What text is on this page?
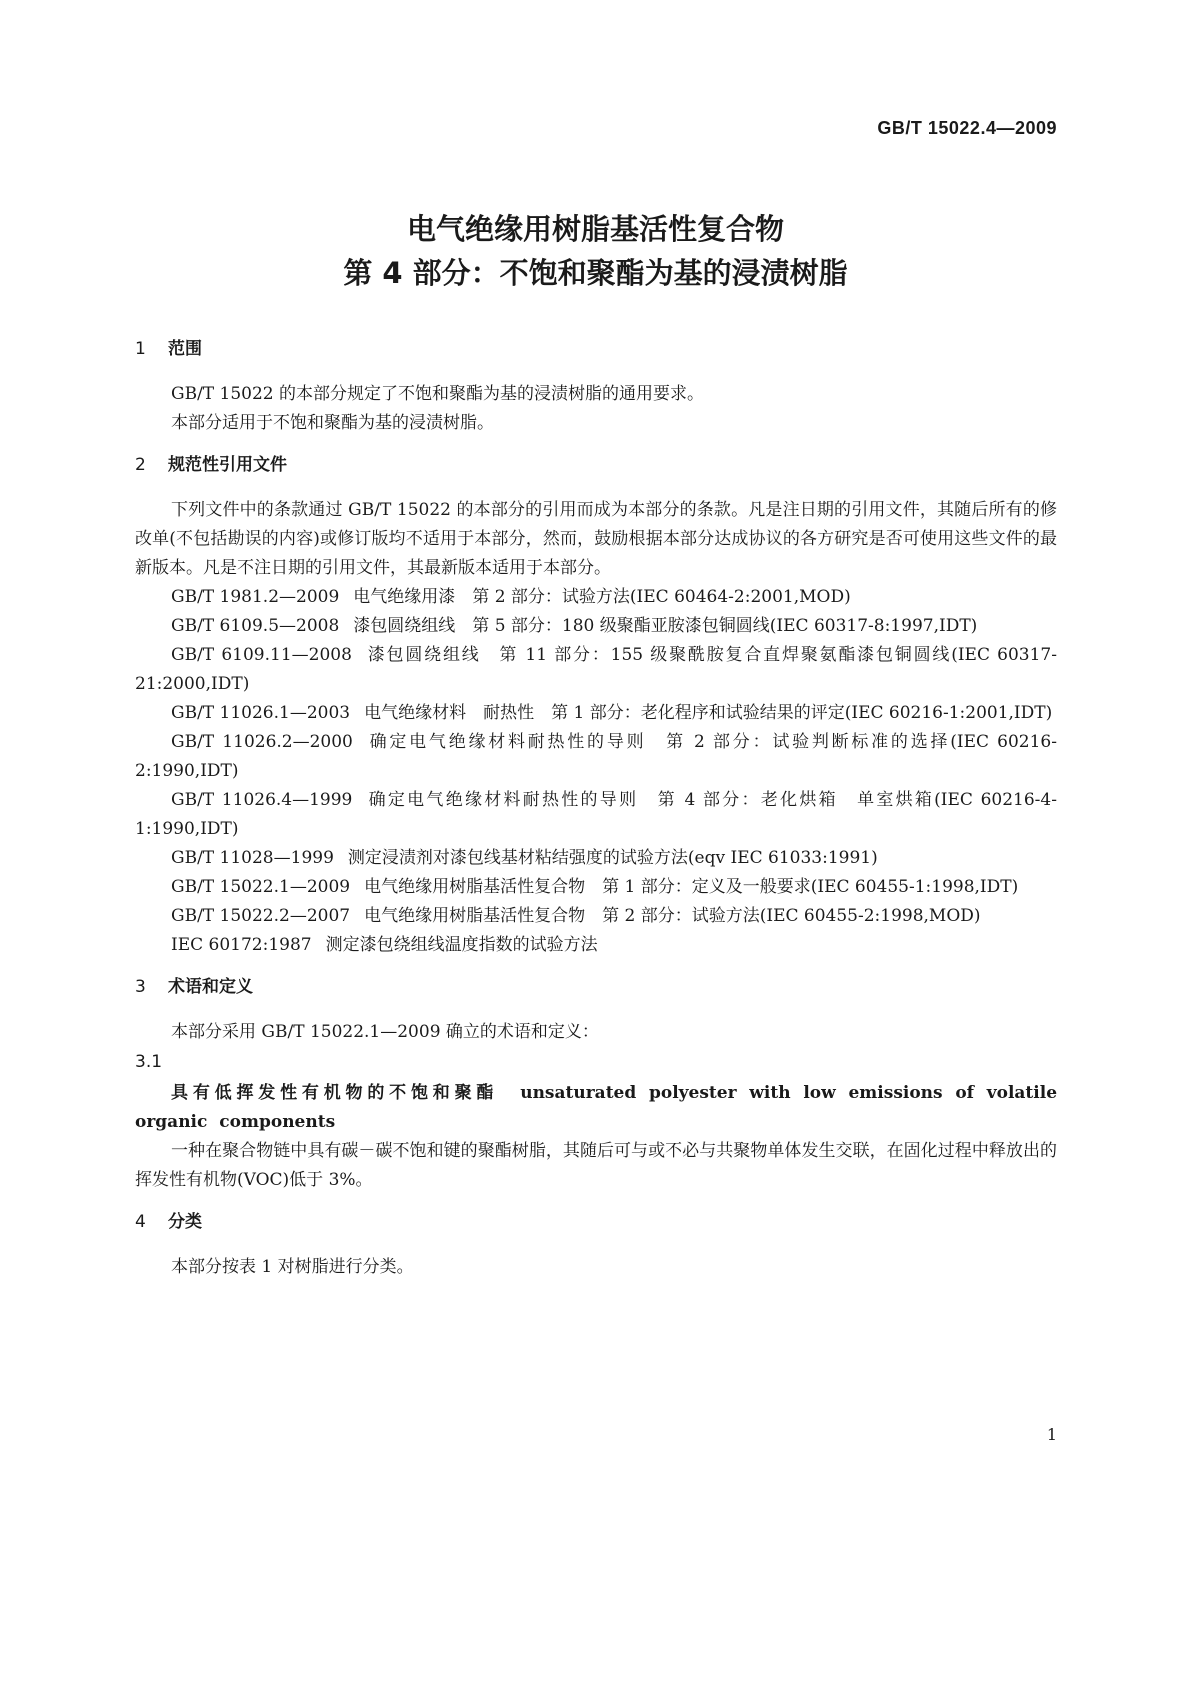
GB/T 15022.4—2009
电气绝缘用树脂基活性复合物
第 4 部分：不饱和聚酯为基的浸渍树脂
1 范围

GB/T 15022 的本部分规定了不饱和聚酯为基的浸渍树脂的通用要求。

本部分适用于不饱和聚酯为基的浸渍树脂。

2 规范性引用文件

下列文件中的条款通过 GB/T 15022 的本部分的引用而成为本部分的条款。凡是注日期的引用文件，其随后所有的修改单(不包括勘误的内容)或修订版均不适用于本部分，然而，鼓励根据本部分达成协议的各方研究是否可使用这些文件的最新版本。凡是不注日期的引用文件，其最新版本适用于本部分。

GB/T 1981.2—2009 电气绝缘用漆　第 2 部分：试验方法(IEC 60464-2:2001,MOD)

GB/T 6109.5—2008 漆包圆绕组线　第 5 部分：180 级聚酯亚胺漆包铜圆线(IEC 60317-8:1997,IDT)

GB/T 6109.11—2008 漆包圆绕组线　第 11 部分：155 级聚酰胺复合直焊聚氨酯漆包铜圆线(IEC 60317-21:2000,IDT)

GB/T 11026.1—2003 电气绝缘材料　耐热性　第 1 部分：老化程序和试验结果的评定(IEC 60216-1:2001,IDT)

GB/T 11026.2—2000 确定电气绝缘材料耐热性的导则　第 2 部分：试验判断标准的选择(IEC 60216-2:1990,IDT)

GB/T 11026.4—1999 确定电气绝缘材料耐热性的导则　第 4 部分：老化烘箱　单室烘箱(IEC 60216-4-1:1990,IDT)

GB/T 11028—1999 测定浸渍剂对漆包线基材粘结强度的试验方法(eqv IEC 61033:1991)

GB/T 15022.1—2009 电气绝缘用树脂基活性复合物　第 1 部分：定义及一般要求(IEC 60455-1:1998,IDT)

GB/T 15022.2—2007 电气绝缘用树脂基活性复合物　第 2 部分：试验方法(IEC 60455-2:1998,MOD)

IEC 60172:1987 测定漆包绕组线温度指数的试验方法

3 术语和定义

本部分采用 GB/T 15022.1—2009 确立的术语和定义：

3.1

具有低挥发性有机物的不饱和聚酯 unsaturated polyester with low emissions of volatile organic components

一种在聚合物链中具有碳－碳不饱和键的聚酯树脂，其随后可与或不必与共聚物单体发生交联，在固化过程中释放出的挥发性有机物(VOC)低于 3%。

4 分类

本部分按表 1 对树脂进行分类。

1
